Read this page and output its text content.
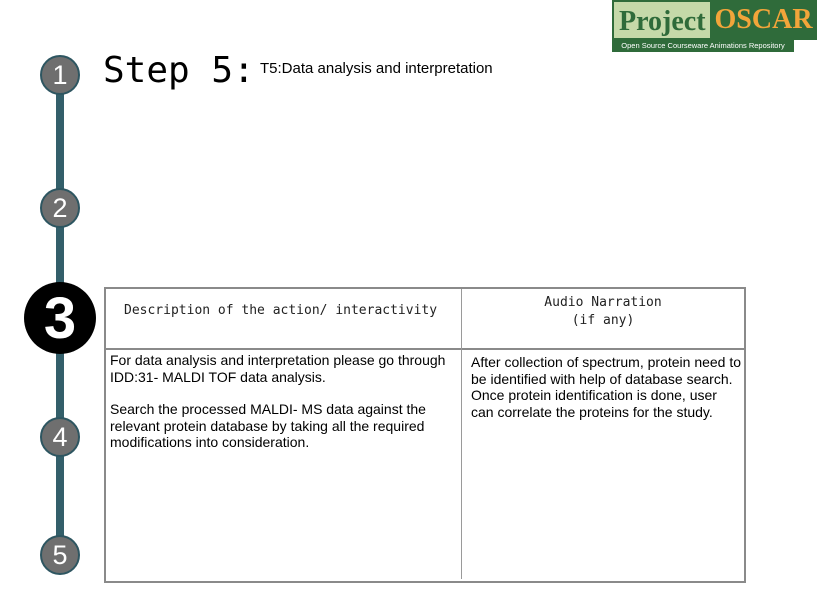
1
2
3
4
5
Step 5: T5:Data analysis and interpretation
Project OSCAR
Open Source Courseware Animations Repository
Description of the action/ interactivity
Audio Narration
(if any)

For data analysis and interpretation please go through IDD:31- MALDI TOF data analysis.

Search the processed MALDI- MS data against the relevant protein database by taking all the required modifications into consideration.

After collection of spectrum, protein need to be identified with help of database search. Once protein identification is done, user can correlate the proteins for the study.
